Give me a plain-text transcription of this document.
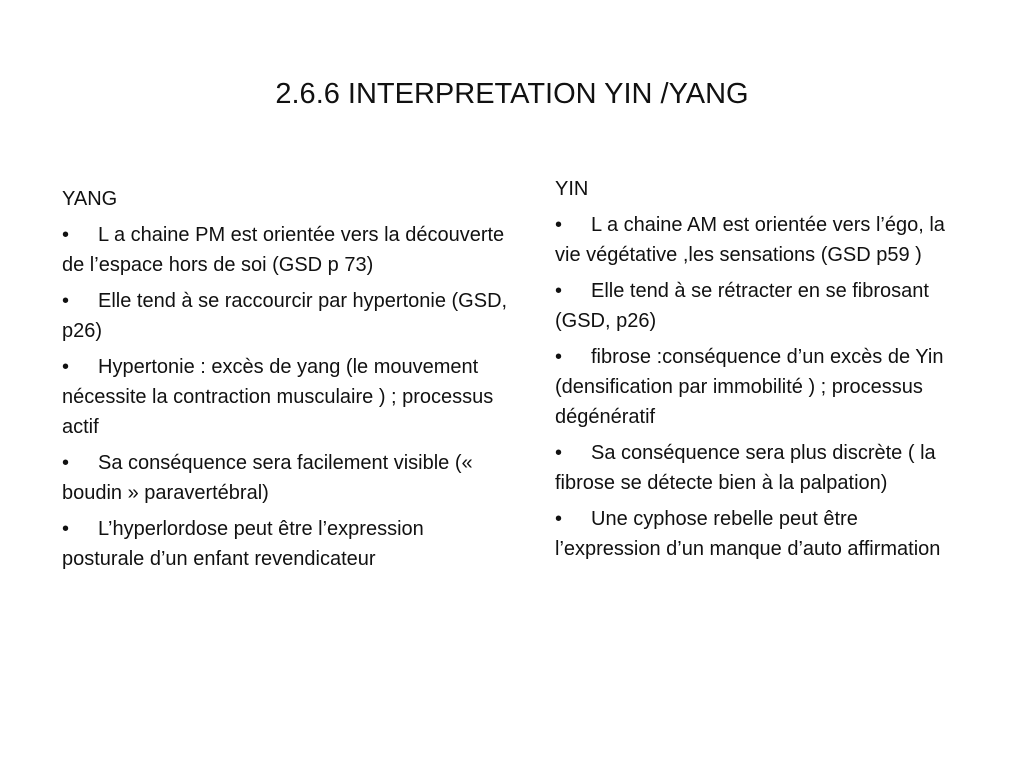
2.6.6 INTERPRETATION YIN /YANG
YANG
• L a chaine PM est orientée vers la découverte de l’espace hors de soi (GSD p 73)
• Elle tend à se raccourcir par hypertonie (GSD, p26)
• Hypertonie : excès de yang (le mouvement nécessite la contraction musculaire ) ; processus actif
• Sa conséquence sera facilement visible (« boudin » paravertébral)
• L’hyperlordose peut être l’expression posturale d’un enfant revendicateur
YIN
• L a chaine AM est orientée vers l’égo, la vie végétative ,les sensations (GSD p59 )
• Elle tend à se rétracter en se fibrosant (GSD, p26)
• fibrose :conséquence d’un excès de Yin (densification par immobilité ) ; processus dégénératif
• Sa conséquence sera plus discrète ( la fibrose se détecte bien à la palpation)
• Une cyphose rebelle peut être l’expression d’un manque d’auto affirmation
